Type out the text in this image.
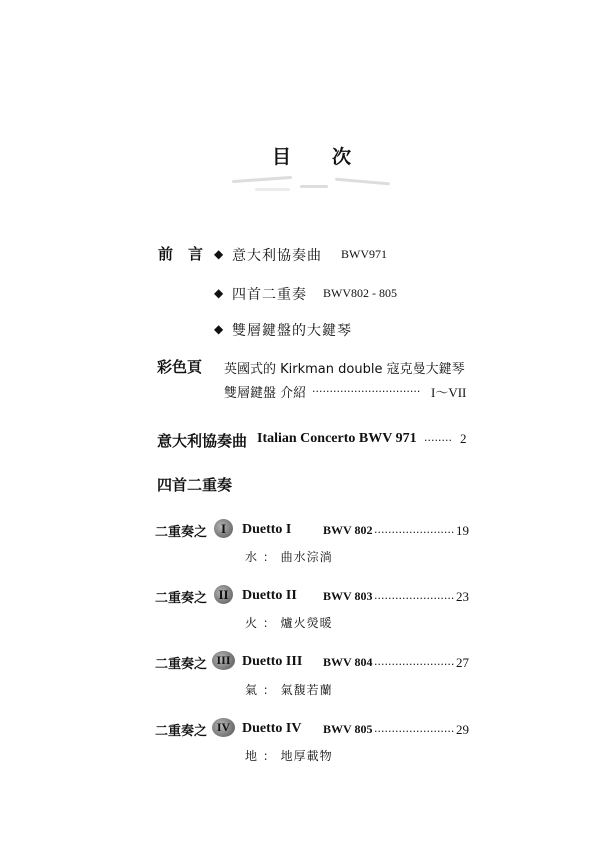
目　　次
前　言 ◆ 意大利協奏曲 BWV971
◆ 四首二重奏 BWV802 - 805
◆ 雙層鍵盤的大鍵琴
彩色頁 英國式的 Kirkman double 寇克曼大鍵琴
雙層鍵盤 介紹 ............................... I～VII
意大利協奏曲 Italian Concerto BWV 971 ........ 2
四首二重奏
二重奏之	I	Duetto I	BWV 802 ....................... 19
水 ： 曲水淙淌
二重奏之 II Duetto II BWV 803 ....................... 23
火 ： 爐火熒暖
二重奏之 III Duetto III BWV 804 ....................... 27
氣 ： 氣馥若蘭
二重奏之 IV Duetto IV BWV 805 ....................... 29
地 ： 地厚載物
